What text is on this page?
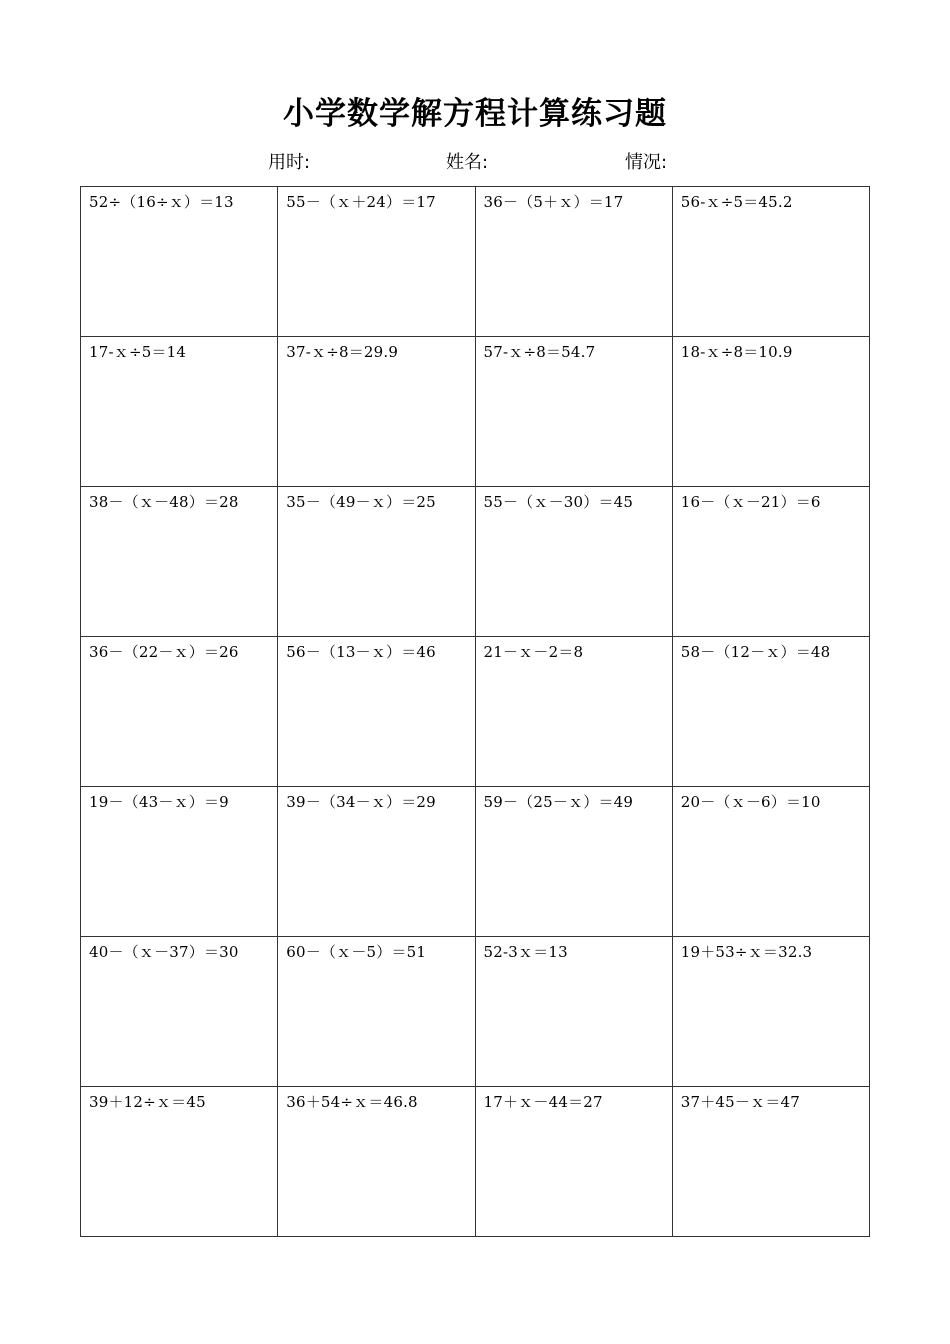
小学数学解方程计算练习题
用时:	姓名:	情况:
52÷（16÷ｘ）＝13	55－（ｘ＋24）＝17	36－（5＋ｘ）＝17	56-ｘ÷5＝45.2
17-ｘ÷5＝14	37-ｘ÷8＝29.9	57-ｘ÷8＝54.7	18-ｘ÷8＝10.9
38－（ｘ－48）＝28	35－（49－ｘ）＝25	55－（ｘ－30）＝45	16－（ｘ－21）＝6
36－（22－ｘ）＝26	56－（13－ｘ）＝46	21－ｘ－2＝8	58－（12－ｘ）＝48
19－（43－ｘ）＝9	39－（34－ｘ）＝29	59－（25－ｘ）＝49	20－（ｘ－6）＝10
40－（ｘ－37）＝30	60－（ｘ－5）＝51	52-3ｘ＝13	19＋53÷ｘ＝32.3
39＋12÷ｘ＝45	36＋54÷ｘ＝46.8	17＋ｘ－44＝27	37＋45－ｘ＝47
